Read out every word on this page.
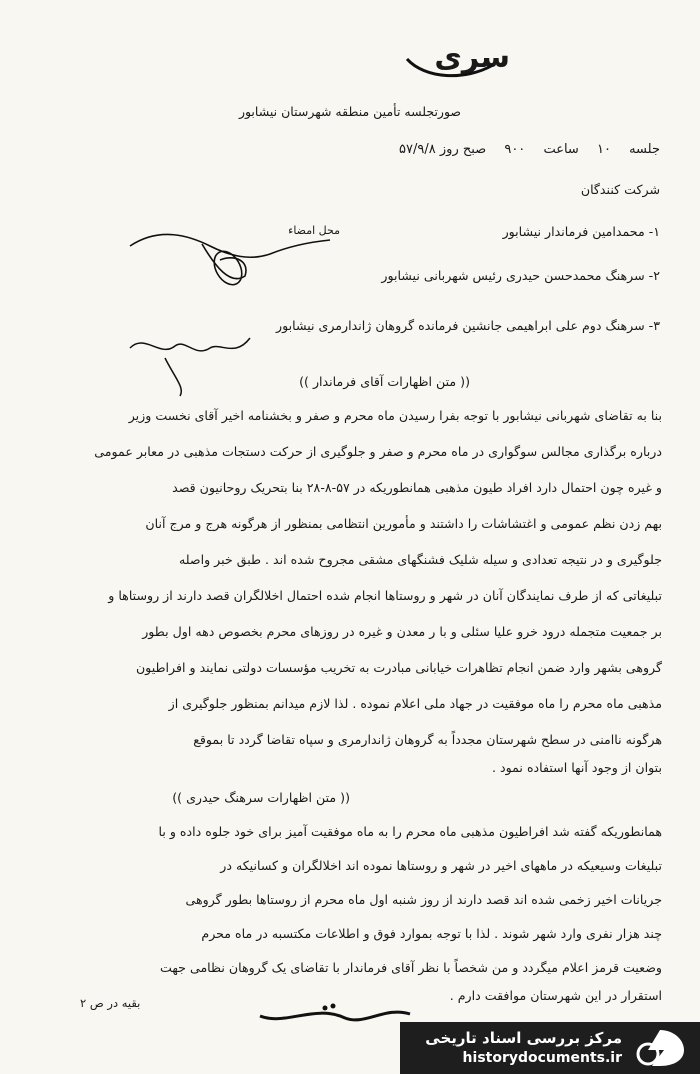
سری
صورتجلسه تأمین منطقه شهرستان نیشابور
جلسه ۱۰ ساعت ۹۰۰ صبح روز ۵۷/۹/۸
شرکت کنندگان
محل امضاء	۱- محمدامین فرماندار نیشابور
۲- سرهنگ محمدحسن حیدری رئیس شهربانی نیشابور
۳- سرهنگ دوم علی ابراهیمی جانشین فرمانده گروهان ژاندارمری نیشابور
(( متن اظهارات آقای فرماندار ))
بنا به تقاضای شهربانی نیشابور با توجه بفرا رسیدن ماه محرم و صفر و بخشنامه اخیر آقای نخست وزیر
درباره برگذاری مجالس سوگواری در ماه محرم و صفر و جلوگیری از حرکت دستجات مذهبی در معابر عمومی
و غیره چون احتمال دارد افراد طیون مذهبی همانطوریکه در ۵۷-۸-۲۸ بنا بتحریک روحانیون قصد
بهم زدن نظم عمومی و اغتشاشات را داشتند و مأمورین انتظامی بمنظور از هرگونه هرج و مرج آنان
جلوگیری و در نتیجه تعدادی و سیله شلیک فشنگهای مشقی مجروح شده اند . طبق خبر واصله
تبلیغاتی که از طرف نمایندگان آنان در شهر و روستاها انجام شده احتمال اخلالگران قصد دارند از روستاها و
بر جمعیت متجمله درود خرو علیا سئلی و با ر معدن و غیره در روزهای محرم بخصوص دهه اول بطور
گروهی بشهر وارد ضمن انجام تظاهرات خیابانی مبادرت به تخریب مؤسسات دولتی نمایند و افراطیون
مذهبی ماه محرم را ماه موفقیت در جهاد ملی اعلام نموده . لذا لازم میدانم بمنظور جلوگیری از
هرگونه ناامنی در سطح شهرستان مجدداً به گروهان ژاندارمری و سپاه تقاضا گردد تا بموقع
بتوان از وجود آنها استفاده نمود .
(( متن اظهارات سرهنگ حیدری ))
همانطوریکه گفته شد افراطیون مذهبی ماه محرم را به ماه موفقیت آمیز برای خود جلوه داده و با
تبلیغات وسیعیکه در ماههای اخیر در شهر و روستاها نموده اند اخلالگران و کسانیکه در
جریانات اخیر زخمی شده اند قصد دارند از روز شنبه اول ماه محرم از روستاها بطور گروهی
چند هزار نفری وارد شهر شوند . لذا با توجه بموارد فوق و اطلاعات مکتسبه در ماه محرم
وضعیت قرمز اعلام میگردد و من شخصاً با نظر آقای فرماندار با تقاضای یک گروهان نظامی جهت
استقرار در این شهرستان موافقت دارم .
بقیه در ص ۲
مرکز بررسی اسناد تاریخی
historydocuments.ir
